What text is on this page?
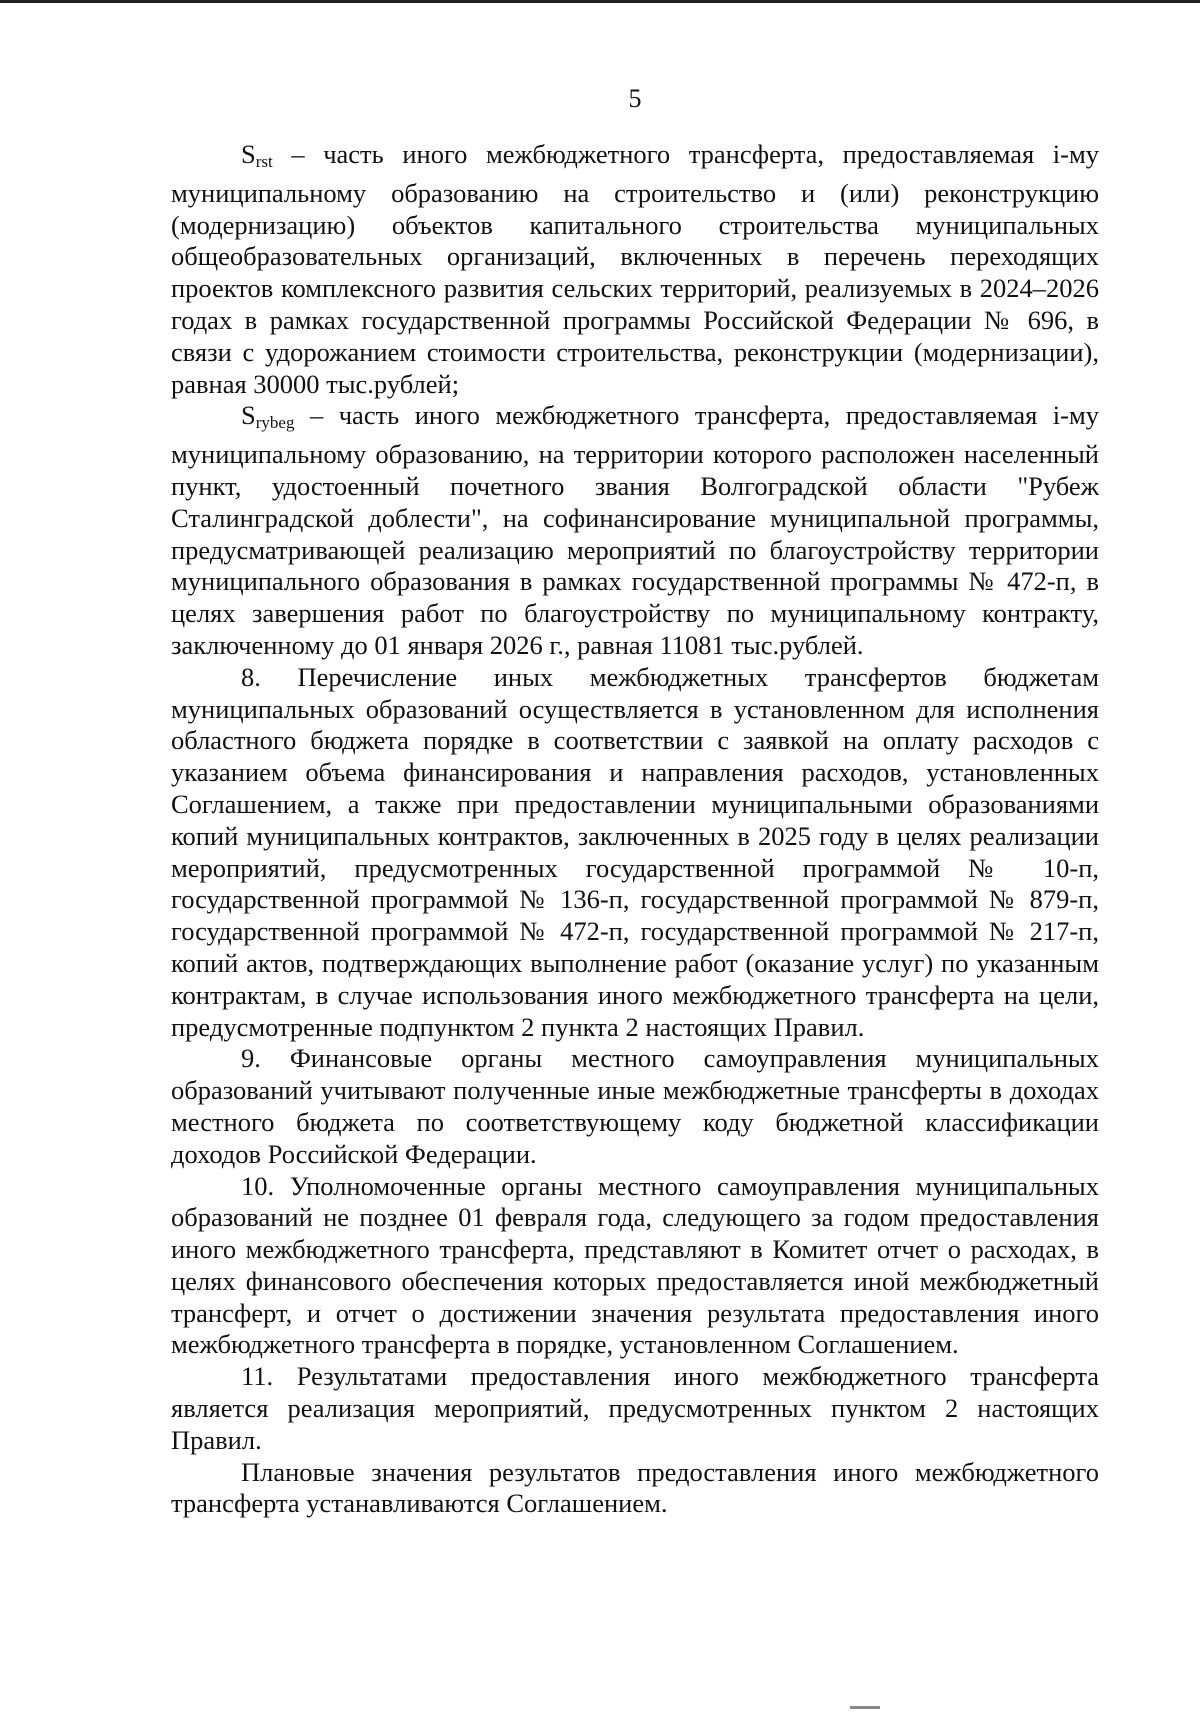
5

Srst – часть иного межбюджетного трансферта, предоставляемая i-му муниципальному образованию на строительство и (или) реконструкцию (модернизацию) объектов капитального строительства муниципальных общеобразовательных организаций, включенных в перечень переходящих проектов комплексного развития сельских территорий, реализуемых в 2024–2026 годах в рамках государственной программы Российской Федерации № 696, в связи с удорожанием стоимости строительства, реконструкции (модернизации), равная 30000 тыс.рублей;

Srybeg – часть иного межбюджетного трансферта, предоставляемая i-му муниципальному образованию, на территории которого расположен населенный пункт, удостоенный почетного звания Волгоградской области "Рубеж Сталинградской доблести", на софинансирование муниципальной программы, предусматривающей реализацию мероприятий по благоустройству территории муниципального образования в рамках государственной программы № 472-п, в целях завершения работ по благоустройству по муниципальному контракту, заключенному до 01 января 2026 г., равная 11081 тыс.рублей.

8. Перечисление иных межбюджетных трансфертов бюджетам муниципальных образований осуществляется в установленном для исполнения областного бюджета порядке в соответствии с заявкой на оплату расходов с указанием объема финансирования и направления расходов, установленных Соглашением, а также при предоставлении муниципальными образованиями копий муниципальных контрактов, заключенных в 2025 году в целях реализации мероприятий, предусмотренных государственной программой № 10-п, государственной программой № 136-п, государственной программой № 879-п, государственной программой № 472-п, государственной программой № 217-п, копий актов, подтверждающих выполнение работ (оказание услуг) по указанным контрактам, в случае использования иного межбюджетного трансферта на цели, предусмотренные подпунктом 2 пункта 2 настоящих Правил.

9. Финансовые органы местного самоуправления муниципальных образований учитывают полученные иные межбюджетные трансферты в доходах местного бюджета по соответствующему коду бюджетной классификации доходов Российской Федерации.

10. Уполномоченные органы местного самоуправления муниципальных образований не позднее 01 февраля года, следующего за годом предоставления иного межбюджетного трансферта, представляют в Комитет отчет о расходах, в целях финансового обеспечения которых предоставляется иной межбюджетный трансферт, и отчет о достижении значения результата предоставления иного межбюджетного трансферта в порядке, установленном Соглашением.

11. Результатами предоставления иного межбюджетного трансферта является реализация мероприятий, предусмотренных пунктом 2 настоящих Правил.

Плановые значения результатов предоставления иного межбюджетного трансферта устанавливаются Соглашением.
